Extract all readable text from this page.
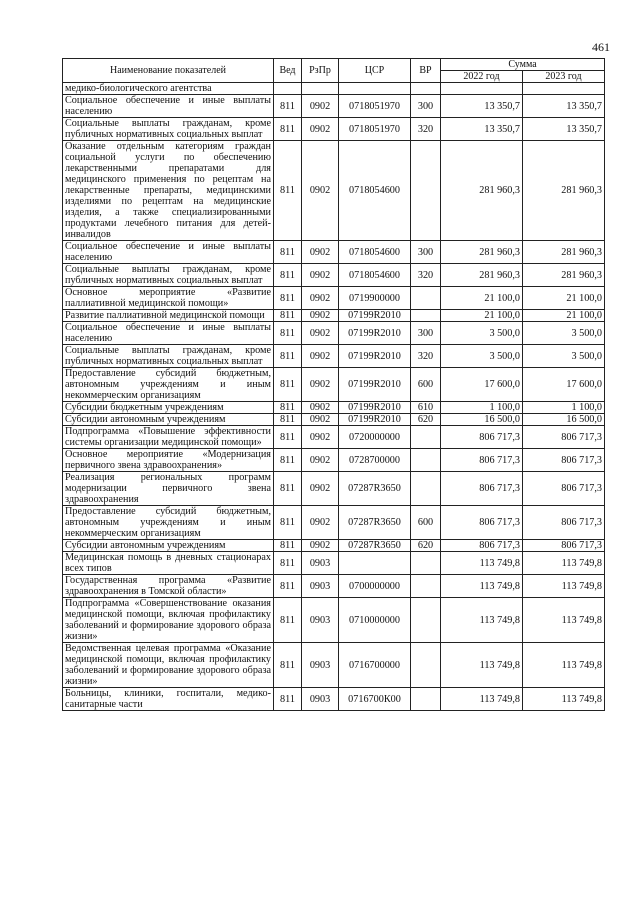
461
Наименование показателей	Вед	РзПр	ЦСР	ВР	Сумма	
					2022 год	2023 год
медико-биологического агентства						
Социальное обеспечение и иные выплаты населению	811	0902	0718051970	300	13 350,7	13 350,7
Социальные выплаты гражданам, кроме публичных нормативных социальных выплат	811	0902	0718051970	320	13 350,7	13 350,7
Оказание отдельным категориям граждан социальной услуги по обеспечению лекарственными препаратами для медицинского применения по рецептам на лекарственные препараты, медицинскими изделиями по рецептам на медицинские изделия, а также специализированными продуктами лечебного питания для детей-инвалидов	811	0902	0718054600		281 960,3	281 960,3
Социальное обеспечение и иные выплаты населению	811	0902	0718054600	300	281 960,3	281 960,3
Социальные выплаты гражданам, кроме публичных нормативных социальных выплат	811	0902	0718054600	320	281 960,3	281 960,3
Основное мероприятие «Развитие паллиативной медицинской помощи»	811	0902	0719900000		21 100,0	21 100,0
Развитие паллиативной медицинской помощи	811	0902	07199R2010		21 100,0	21 100,0
Социальное обеспечение и иные выплаты населению	811	0902	07199R2010	300	3 500,0	3 500,0
Социальные выплаты гражданам, кроме публичных нормативных социальных выплат	811	0902	07199R2010	320	3 500,0	3 500,0
Предоставление субсидий бюджетным, автономным учреждениям и иным некоммерческим организациям	811	0902	07199R2010	600	17 600,0	17 600,0
Субсидии бюджетным учреждениям	811	0902	07199R2010	610	1 100,0	1 100,0
Субсидии автономным учреждениям	811	0902	07199R2010	620	16 500,0	16 500,0
Подпрограмма «Повышение эффективности системы организации медицинской помощи»	811	0902	0720000000		806 717,3	806 717,3
Основное мероприятие «Модернизация первичного звена здравоохранения»	811	0902	0728700000		806 717,3	806 717,3
Реализация региональных программ модернизации первичного звена здравоохранения	811	0902	07287R3650		806 717,3	806 717,3
Предоставление субсидий бюджетным, автономным учреждениям и иным некоммерческим организациям	811	0902	07287R3650	600	806 717,3	806 717,3
Субсидии автономным учреждениям	811	0902	07287R3650	620	806 717,3	806 717,3
Медицинская помощь в дневных стационарах всех типов	811	0903			113 749,8	113 749,8
Государственная программа «Развитие здравоохранения в Томской области»	811	0903	0700000000		113 749,8	113 749,8
Подпрограмма «Совершенствование оказания медицинской помощи, включая профилактику заболеваний и формирование здорового образа жизни»	811	0903	0710000000		113 749,8	113 749,8
Ведомственная целевая программа «Оказание медицинской помощи, включая профилактику заболеваний и формирование здорового образа жизни»	811	0903	0716700000		113 749,8	113 749,8
Больницы, клиники, госпитали, медико-санитарные части	811	0903	0716700К00		113 749,8	113 749,8
